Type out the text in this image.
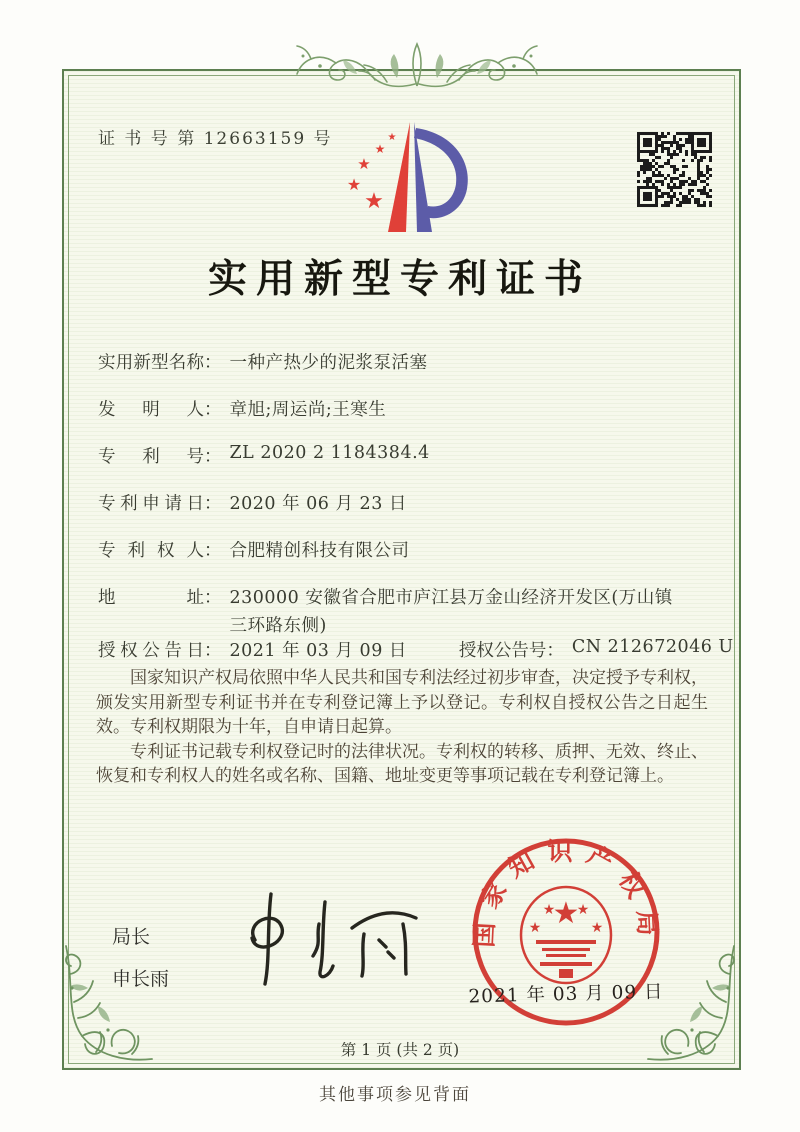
证 书 号 第 12663159 号
★
★
★
★
★
实用新型专利证书
实用新型名称： 一种产热少的泥浆泵活塞
发明人： 章旭;周运尚;王寒生
专利号： ZL 2020 2 1184384.4
专利申请日： 2020 年 06 月 23 日
专利权人： 合肥精创科技有限公司
地址： 230000 安徽省合肥市庐江县万金山经济开发区(万山镇三环路东侧)
授权公告日： 2021 年 03 月 09 日	授权公告号： CN 212672046 U

国家知识产权局依照中华人民共和国专利法经过初步审查，决定授予专利权，颁发实用新型专利证书并在专利登记簿上予以登记。专利权自授权公告之日起生效。专利权期限为十年，自申请日起算。

专利证书记载专利权登记时的法律状况。专利权的转移、质押、无效、终止、恢复和专利权人的姓名或名称、国籍、地址变更等事项记载在专利登记簿上。

局长
申长雨
国家知识产权局
★
★
★ ★
★
2021 年 03 月 09 日
第 1 页 (共 2 页)
其他事项参见背面
